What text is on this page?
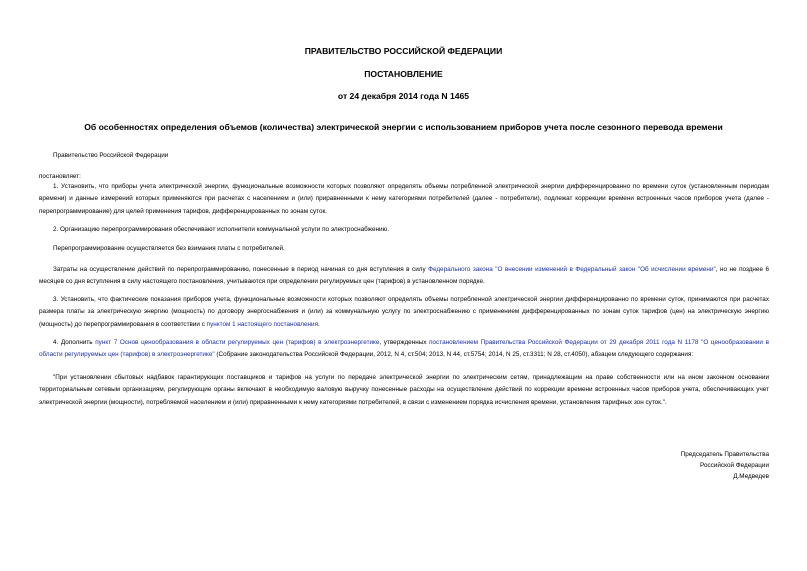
ПРАВИТЕЛЬСТВО РОССИЙСКОЙ ФЕДЕРАЦИИ
ПОСТАНОВЛЕНИЕ
от 24 декабря 2014 года N 1465
Об особенностях определения объемов (количества) электрической энергии с использованием приборов учета после сезонного перевода времени

Правительство Российской Федерации

постановляет:

1. Установить, что приборы учета электрической энергии, функциональные возможности которых позволяют определять объемы потребленной электрической энергии дифференцированно по времени суток (установленным периодам времени) и данные измерений которых применяются при расчетах с населением и (или) приравненными к нему категориями потребителей (далее - потребители), подлежат коррекции времени встроенных часов приборов учета (далее - перепрограммирование) для целей применения тарифов, дифференцированных по зонам суток.

2. Организацию перепрограммирования обеспечивают исполнители коммунальной услуги по электроснабжению.

Перепрограммирование осуществляется без взимания платы с потребителей.

Затраты на осуществление действий по перепрограммированию, понесенные в период начиная со дня вступления в силу Федерального закона "О внесении изменений в Федеральный закон "Об исчислении времени", но не позднее 6 месяцев со дня вступления в силу настоящего постановления, учитываются при определении регулируемых цен (тарифов) в установленном порядке.

3. Установить, что фактические показания приборов учета, функциональные возможности которых позволяют определять объемы потребленной электрической энергии дифференцированно по времени суток, принимаются при расчетах размера платы за электрическую энергию (мощность) по договору энергоснабжения и (или) за коммунальную услугу по электроснабжению с применением дифференцированных по зонам суток тарифов (цен) на электрическую энергию (мощность) до перепрограммирования в соответствии с пунктом 1 настоящего постановления.

4. Дополнить пункт 7 Основ ценообразования в области регулируемых цен (тарифов) в электроэнергетике, утвержденных постановлением Правительства Российской Федерации от 29 декабря 2011 года N 1178 "О ценообразовании в области регулируемых цен (тарифов) в электроэнергетике" (Собрание законодательства Российской Федерации, 2012, N 4, ст.504; 2013, N 44, ст.5754; 2014, N 25, ст.3311; N 28, ст.4050), абзацем следующего содержания:

"При установлении сбытовых надбавок гарантирующих поставщиков и тарифов на услуги по передаче электрической энергии по электрическим сетям, принадлежащим на праве собственности или на ином законном основании территориальным сетевым организациям, регулирующие органы включают в необходимую валовую выручку понесенные расходы на осуществление действий по коррекции времени встроенных часов приборов учета, обеспечивающих учет электрической энергии (мощности), потребляемой населением и (или) приравненными к нему категориями потребителей, в связи с изменением порядка исчисления времени, установления тарифных зон суток.".

Председатель Правительства
Российской Федерации
Д.Медведев
